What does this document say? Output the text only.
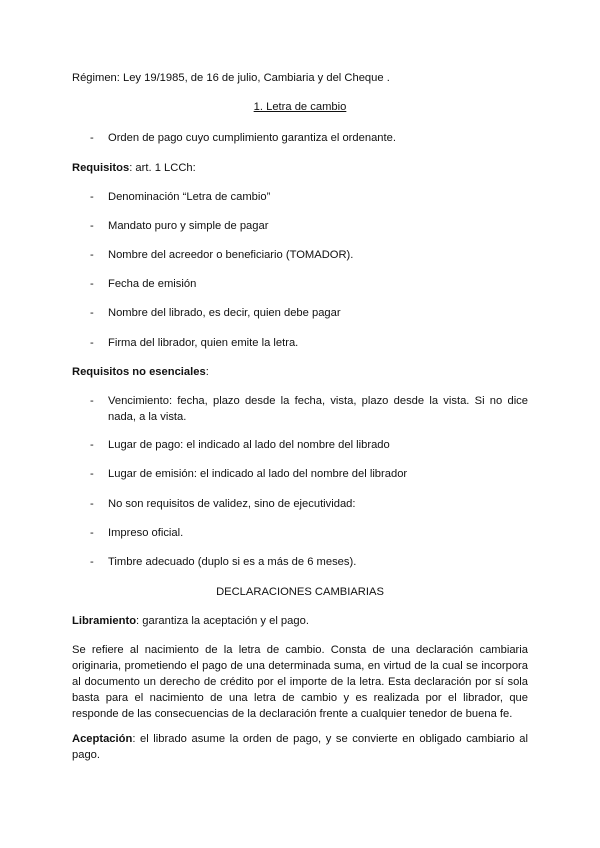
Régimen: Ley 19/1985, de 16 de julio, Cambiaria y del Cheque .

1. Letra de cambio

- Orden de pago cuyo cumplimiento garantiza el ordenante.

Requisitos: art. 1 LCCh:

- Denominación “Letra de cambio”
- Mandato puro y simple de pagar
- Nombre del acreedor o beneficiario (TOMADOR).
- Fecha de emisión
- Nombre del librado, es decir, quien debe pagar
- Firma del librador, quien emite la letra.

Requisitos no esenciales:

- Vencimiento: fecha, plazo desde la fecha, vista, plazo desde la vista. Si no dice nada, a la vista.
- Lugar de pago: el indicado al lado del nombre del librado
- Lugar de emisión: el indicado al lado del nombre del librador
- No son requisitos de validez, sino de ejecutividad:
- Impreso oficial.
- Timbre adecuado (duplo si es a más de 6 meses).

DECLARACIONES CAMBIARIAS

Libramiento: garantiza la aceptación y el pago.

Se refiere al nacimiento de la letra de cambio. Consta de una declaración cambiaria originaria, prometiendo el pago de una determinada suma, en virtud de la cual se incorpora al documento un derecho de crédito por el importe de la letra. Esta declaración por sí sola basta para el nacimiento de una letra de cambio y es realizada por el librador, que responde de las consecuencias de la declaración frente a cualquier tenedor de buena fe.

Aceptación: el librado asume la orden de pago, y se convierte en obligado cambiario al pago.
